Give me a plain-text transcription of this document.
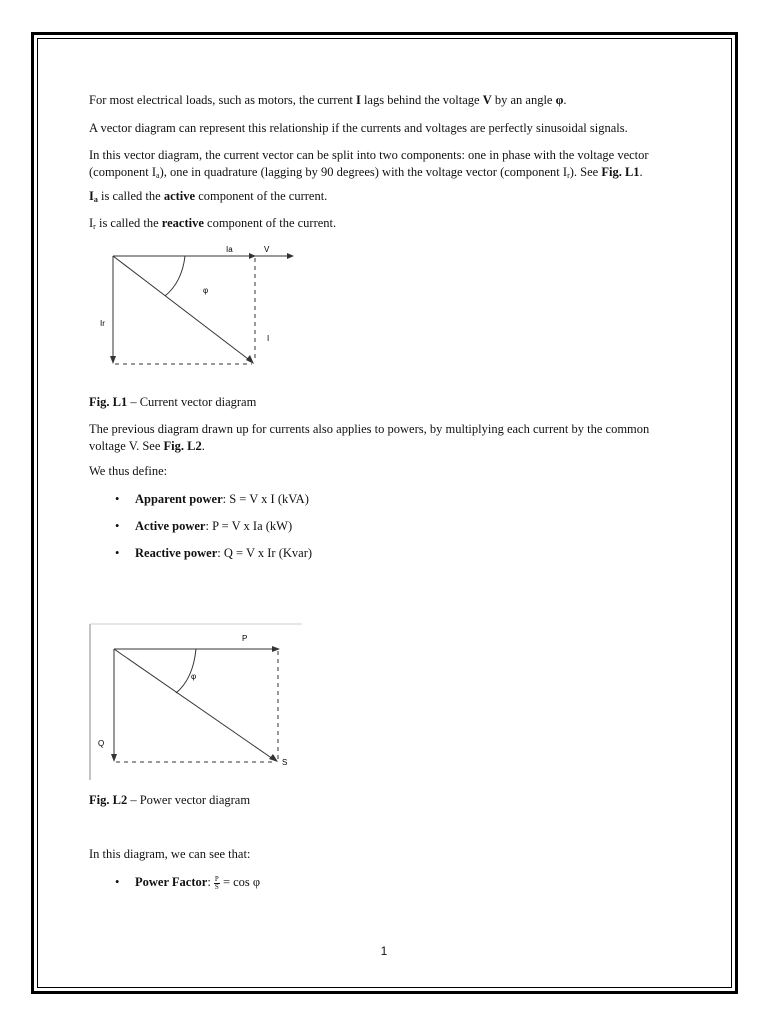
For most electrical loads, such as motors, the current I lags behind the voltage V by an angle φ.

A vector diagram can represent this relationship if the currents and voltages are perfectly sinusoidal signals.

In this vector diagram, the current vector can be split into two components: one in phase with the voltage vector (component $I_a$), one in quadrature (lagging by 90 degrees) with the voltage vector (component $I_r$). See Fig. L1.

$I_a$ is called the active component of the current.

$I_r$ is called the reactive component of the current.

Ia	V
φ
Ir
I
Fig. L1 – Current vector diagram

The previous diagram drawn up for currents also applies to powers, by multiplying each current by the common voltage V. See Fig. L2.

We thus define:

• Apparent power: S = V x I (kVA)
• Active power: P = V x Ia (kW)
• Reactive power: Q = V x Ir (Kvar)
P
φ
Q
S
Fig. L2 – Power vector diagram

In this diagram, we can see that:

• Power Factor: $\frac{P}{S} = \cos \varphi$
1
